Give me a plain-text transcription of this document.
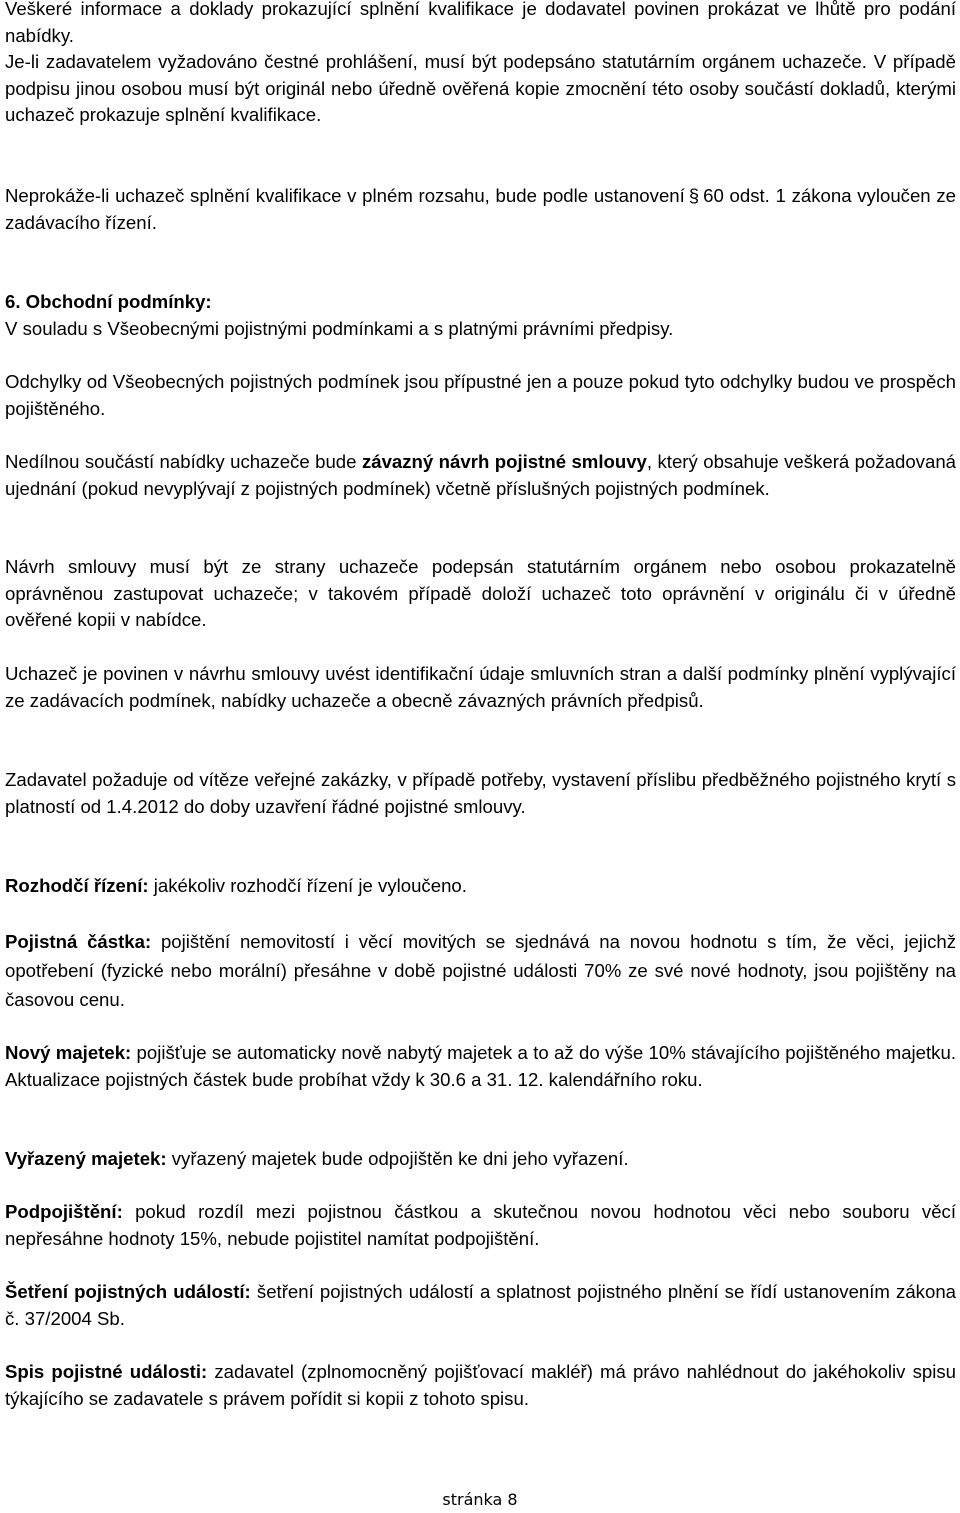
Veškeré informace a doklady prokazující splnění kvalifikace je dodavatel povinen prokázat ve lhůtě pro podání nabídky.

Je-li zadavatelem vyžadováno čestné prohlášení, musí být podepsáno statutárním orgánem uchazeče. V případě podpisu jinou osobou musí být originál nebo úředně ověřená kopie zmocnění této osoby součástí dokladů, kterými uchazeč prokazuje splnění kvalifikace.

Neprokáže-li uchazeč splnění kvalifikace v plném rozsahu, bude podle ustanovení § 60 odst. 1 zákona vyloučen ze zadávacího řízení.

6. Obchodní podmínky:

V souladu s Všeobecnými pojistnými podmínkami a s platnými právními předpisy.

Odchylky od Všeobecných pojistných podmínek jsou přípustné jen a pouze pokud tyto odchylky budou ve prospěch pojištěného.

Nedílnou součástí nabídky uchazeče bude závazný návrh pojistné smlouvy, který obsahuje veškerá požadovaná ujednání (pokud nevyplývají z pojistných podmínek) včetně příslušných pojistných podmínek.

Návrh smlouvy musí být ze strany uchazeče podepsán statutárním orgánem nebo osobou prokazatelně oprávněnou zastupovat uchazeče; v takovém případě doloží uchazeč toto oprávnění v originálu či v úředně ověřené kopii v nabídce.

Uchazeč je povinen v návrhu smlouvy uvést identifikační údaje smluvních stran a další podmínky plnění vyplývající ze zadávacích podmínek, nabídky uchazeče a obecně závazných právních předpisů.

Zadavatel požaduje od vítěze veřejné zakázky, v případě potřeby, vystavení příslibu předběžného pojistného krytí s platností od 1.4.2012 do doby uzavření řádné pojistné smlouvy.

Rozhodčí řízení: jakékoliv rozhodčí řízení je vyloučeno.

Pojistná částka: pojištění nemovitostí i věcí movitých se sjednává na novou hodnotu s tím, že věci, jejichž opotřebení (fyzické nebo morální) přesáhne v době pojistné události 70% ze své nové hodnoty, jsou pojištěny na časovou cenu.

Nový majetek: pojišťuje se automaticky nově nabytý majetek a to až do výše 10% stávajícího pojištěného majetku. Aktualizace pojistných částek bude probíhat vždy k 30.6 a 31. 12. kalendářního roku.

Vyřazený majetek: vyřazený majetek bude odpojištěn ke dni jeho vyřazení.

Podpojištění: pokud rozdíl mezi pojistnou částkou a skutečnou novou hodnotou věci nebo souboru věcí nepřesáhne hodnoty 15%, nebude pojistitel namítat podpojištění.

Šetření pojistných událostí: šetření pojistných událostí a splatnost pojistného plnění se řídí ustanovením zákona č. 37/2004 Sb.

Spis pojistné události: zadavatel (zplnomocněný pojišťovací makléř) má právo nahlédnout do jakéhokoliv spisu týkajícího se zadavatele s právem pořídit si kopii z tohoto spisu.

stránka 8
